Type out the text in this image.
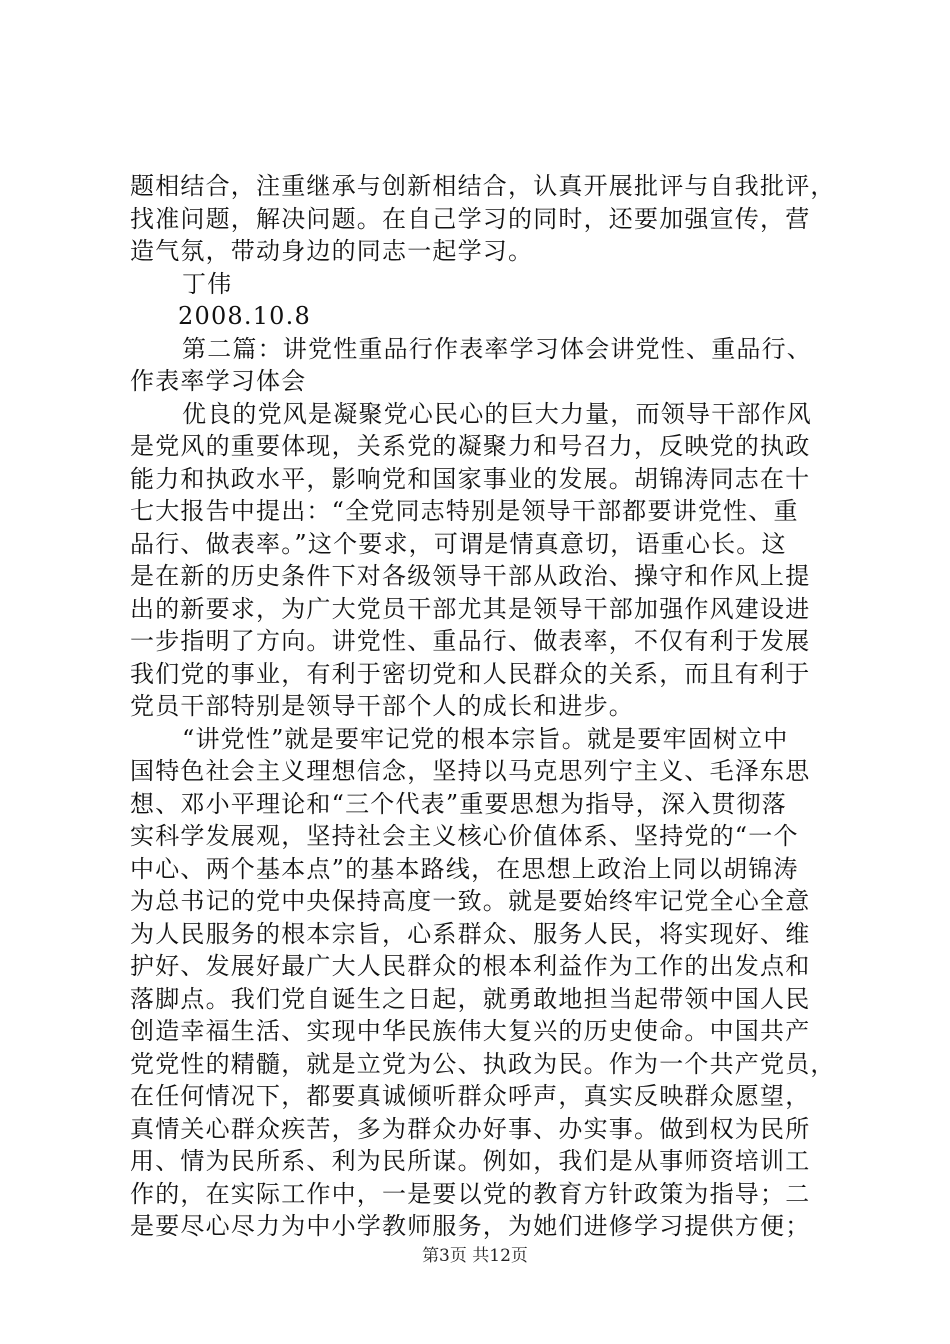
题相结合，注重继承与创新相结合，认真开展批评与自我批评，
找准问题，解决问题。在自己学习的同时，还要加强宣传，营
造气氛，带动身边的同志一起学习。
丁伟
2008.10.8
第二篇：讲党性重品行作表率学习体会讲党性、重品行、
作表率学习体会
优良的党风是凝聚党心民心的巨大力量，而领导干部作风
是党风的重要体现，关系党的凝聚力和号召力，反映党的执政
能力和执政水平，影响党和国家事业的发展。胡锦涛同志在十
七大报告中提出：“全党同志特别是领导干部都要讲党性、重
品行、做表率。”这个要求，可谓是情真意切，语重心长。这
是在新的历史条件下对各级领导干部从政治、操守和作风上提
出的新要求，为广大党员干部尤其是领导干部加强作风建设进
一步指明了方向。讲党性、重品行、做表率，不仅有利于发展
我们党的事业，有利于密切党和人民群众的关系，而且有利于
党员干部特别是领导干部个人的成长和进步。
“讲党性”就是要牢记党的根本宗旨。就是要牢固树立中
国特色社会主义理想信念，坚持以马克思列宁主义、毛泽东思
想、邓小平理论和“三个代表”重要思想为指导，深入贯彻落
实科学发展观，坚持社会主义核心价值体系、坚持党的“一个
中心、两个基本点”的基本路线，在思想上政治上同以胡锦涛
为总书记的党中央保持高度一致。就是要始终牢记党全心全意
为人民服务的根本宗旨，心系群众、服务人民，将实现好、维
护好、发展好最广大人民群众的根本利益作为工作的出发点和
落脚点。我们党自诞生之日起，就勇敢地担当起带领中国人民
创造幸福生活、实现中华民族伟大复兴的历史使命。中国共产
党党性的精髓，就是立党为公、执政为民。作为一个共产党员，
在任何情况下，都要真诚倾听群众呼声，真实反映群众愿望，
真情关心群众疾苦，多为群众办好事、办实事。做到权为民所
用、情为民所系、利为民所谋。例如，我们是从事师资培训工
作的，在实际工作中，一是要以党的教育方针政策为指导；二
是要尽心尽力为中小学教师服务，为她们进修学习提供方便；
第3页 共12页
